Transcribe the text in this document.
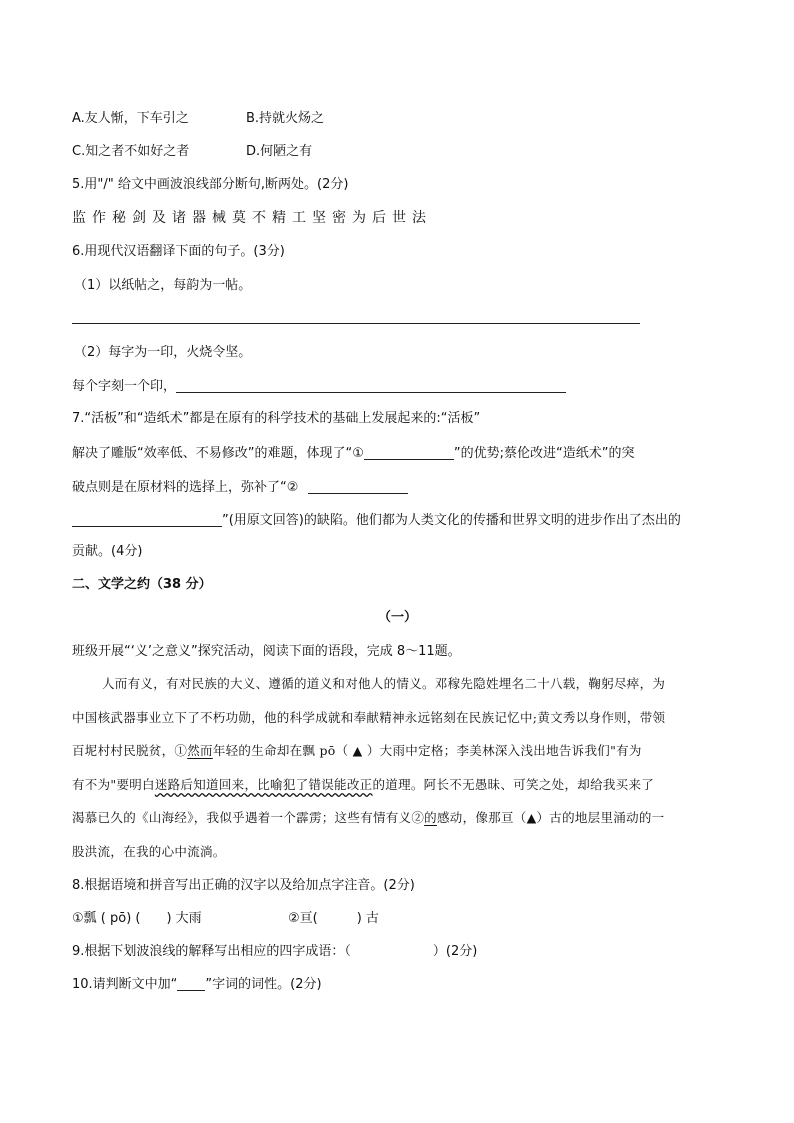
A.友人惭，下车引之	B.持就火炀之
C.知之者不如好之者	D.何陋之有
5.用"/" 给文中画波浪线部分断句,断两处。(2分)
监作秘剑及诸器械莫不精工坚密为后世法
6.用现代汉语翻译下面的句子。(3分)
（1）以纸帖之，每韵为一帖。
（2）每字为一印，火烧令坚。
每个字刻一个印，
7.“活板”和“造纸术”都是在原有的科学技术的基础上发展起来的:“活板”
解决了雕版“效率低、不易修改”的难题，体现了“①	”的优势;蔡伦改进“造纸术”的突
破点则是在原材料的选择上，弥补了“②
”(用原文回答)的缺陷。他们都为人类文化的传播和世界文明的进步作出了杰出的
贡献。(4分)
二、文学之约（38 分）
（一）
班级开展“‘义’之意义”探究活动，阅读下面的语段，完成 8～11题。
人而有义，有对民族的大义、遵循的道义和对他人的情义。邓稼先隐姓埋名二十八载，鞠躬尽瘁，为
中国核武器事业立下了不朽功勋，他的科学成就和奉献精神永远铭刻在民族记忆中;黄文秀以身作则，带领
百坭村村民脱贫，①然而年轻的生命却在飘 pō（ ▲ ）大雨中定格；李美林深入浅出地告诉我们"有为
有不为"要明白迷路后知道回来，比喻犯了错误能改正的道理。阿长不无愚昧、可笑之处，却给我买来了
渴慕已久的《山海经》，我似乎遇着一个霹雳；这些有情有义②的感动，像那亘（▲）古的地层里涌动的一
股洪流，在我的心中流淌。
8.根据语境和拼音写出正确的汉字以及给加点字注音。(2分)
①瓢 ( pō) (　　) 大雨	②亘(　　　) 古
9.根据下划波浪线的解释写出相应的四字成语：（	）(2分)
10.请判断文中加“ ”字词的词性。(2分)
